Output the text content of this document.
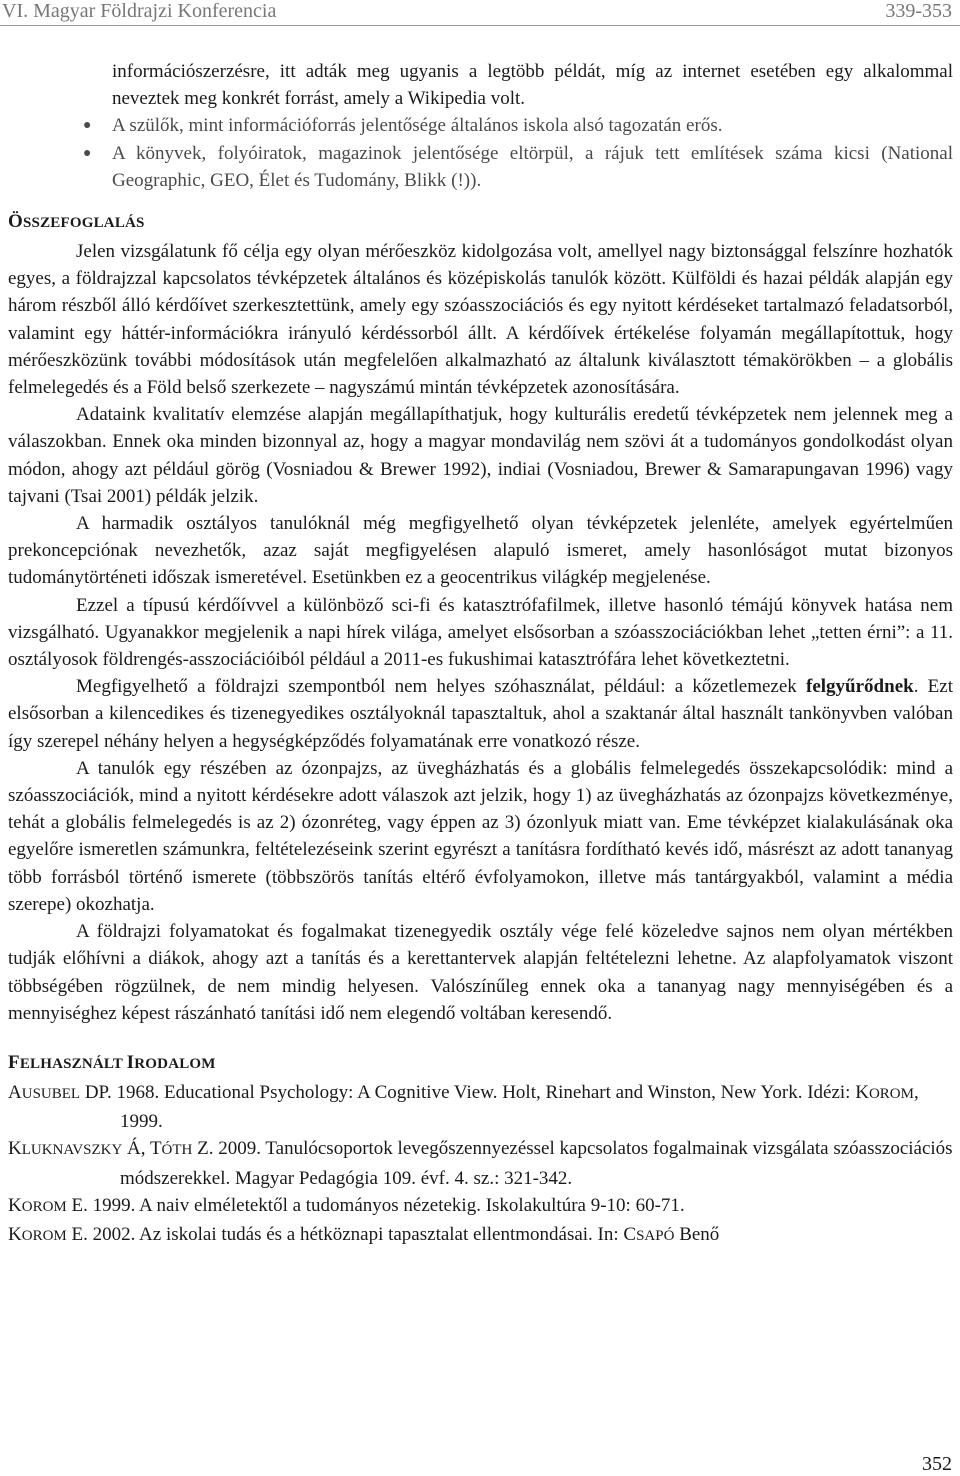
VI. Magyar Földrajzi Konferencia	339-353

információszerzésre, itt adták meg ugyanis a legtöbb példát, míg az internet esetében egy alkalommal neveztek meg konkrét forrást, amely a Wikipedia volt.

● A szülők, mint információforrás jelentősége általános iskola alsó tagozatán erős.
● A könyvek, folyóiratok, magazinok jelentősége eltörpül, a rájuk tett említések száma kicsi (National Geographic, GEO, Élet és Tudomány, Blikk (!)).
ÖSSZEFOGLALÁS

Jelen vizsgálatunk fő célja egy olyan mérőeszköz kidolgozása volt, amellyel nagy biztonsággal felszínre hozhatók egyes, a földrajzzal kapcsolatos tévképzetek általános és középiskolás tanulók között. Külföldi és hazai példák alapján egy három részből álló kérdőívet szerkesztettünk, amely egy szóasszociációs és egy nyitott kérdéseket tartalmazó feladatsorból, valamint egy háttér-információkra irányuló kérdéssorból állt. A kérdőívek értékelése folyamán megállapítottuk, hogy mérőeszközünk további módosítások után megfelelően alkalmazható az általunk kiválasztott témakörökben – a globális felmelegedés és a Föld belső szerkezete – nagyszámú mintán tévképzetek azonosítására.

Adataink kvalitatív elemzése alapján megállapíthatjuk, hogy kulturális eredetű tévképzetek nem jelennek meg a válaszokban. Ennek oka minden bizonnyal az, hogy a magyar mondavilág nem szövi át a tudományos gondolkodást olyan módon, ahogy azt például görög (Vosniadou & Brewer 1992), indiai (Vosniadou, Brewer & Samarapungavan 1996) vagy tajvani (Tsai 2001) példák jelzik.

A harmadik osztályos tanulóknál még megfigyelhető olyan tévképzetek jelenléte, amelyek egyértelműen prekoncepciónak nevezhetők, azaz saját megfigyelésen alapuló ismeret, amely hasonlóságot mutat bizonyos tudománytörténeti időszak ismeretével. Esetünkben ez a geocentrikus világkép megjelenése.

Ezzel a típusú kérdőívvel a különböző sci-fi és katasztrófafilmek, illetve hasonló témájú könyvek hatása nem vizsgálható. Ugyanakkor megjelenik a napi hírek világa, amelyet elsősorban a szóasszociációkban lehet „tetten érni”: a 11. osztályosok földrengés-asszociációiból például a 2011-es fukushimai katasztrófára lehet következtetni.

Megfigyelhető a földrajzi szempontból nem helyes szóhasználat, például: a kőzetlemezek felgyűrődnek. Ezt elsősorban a kilencedikes és tizenegyedikes osztályoknál tapasztaltuk, ahol a szaktanár által használt tankönyvben valóban így szerepel néhány helyen a hegységképződés folyamatának erre vonatkozó része.

A tanulók egy részében az ózonpajzs, az üvegházhatás és a globális felmelegedés összekapcsolódik: mind a szóasszociációk, mind a nyitott kérdésekre adott válaszok azt jelzik, hogy 1) az üvegházhatás az ózonpajzs következménye, tehát a globális felmelegedés is az 2) ózonréteg, vagy éppen az 3) ózonlyuk miatt van. Eme tévképzet kialakulásának oka egyelőre ismeretlen számunkra, feltételezéseink szerint egyrészt a tanításra fordítható kevés idő, másrészt az adott tananyag több forrásból történő ismerete (többszörös tanítás eltérő évfolyamokon, illetve más tantárgyakból, valamint a média szerepe) okozhatja.

A földrajzi folyamatokat és fogalmakat tizenegyedik osztály vége felé közeledve sajnos nem olyan mértékben tudják előhívni a diákok, ahogy azt a tanítás és a kerettantervek alapján feltételezni lehetne. Az alapfolyamatok viszont többségében rögzülnek, de nem mindig helyesen. Valószínűleg ennek oka a tananyag nagy mennyiségében és a mennyiséghez képest rászánható tanítási idő nem elegendő voltában keresendő.

FELHASZNÁLT IRODALOM
AUSUBEL DP. 1968. Educational Psychology: A Cognitive View. Holt, Rinehart and Winston, New York. Idézi: KOROM, 1999.
KLUKNAVSZKY Á, TÓTH Z. 2009. Tanulócsoportok levegőszennyezéssel kapcsolatos fogalmainak vizsgálata szóasszociációs módszerekkel. Magyar Pedagógia 109. évf. 4. sz.: 321-342.
KOROM E. 1999. A naiv elméletektől a tudományos nézetekig. Iskolakultúra 9-10: 60-71.
KOROM E. 2002. Az iskolai tudás és a hétköznapi tapasztalat ellentmondásai. In: CSAPÓ Benő
352
